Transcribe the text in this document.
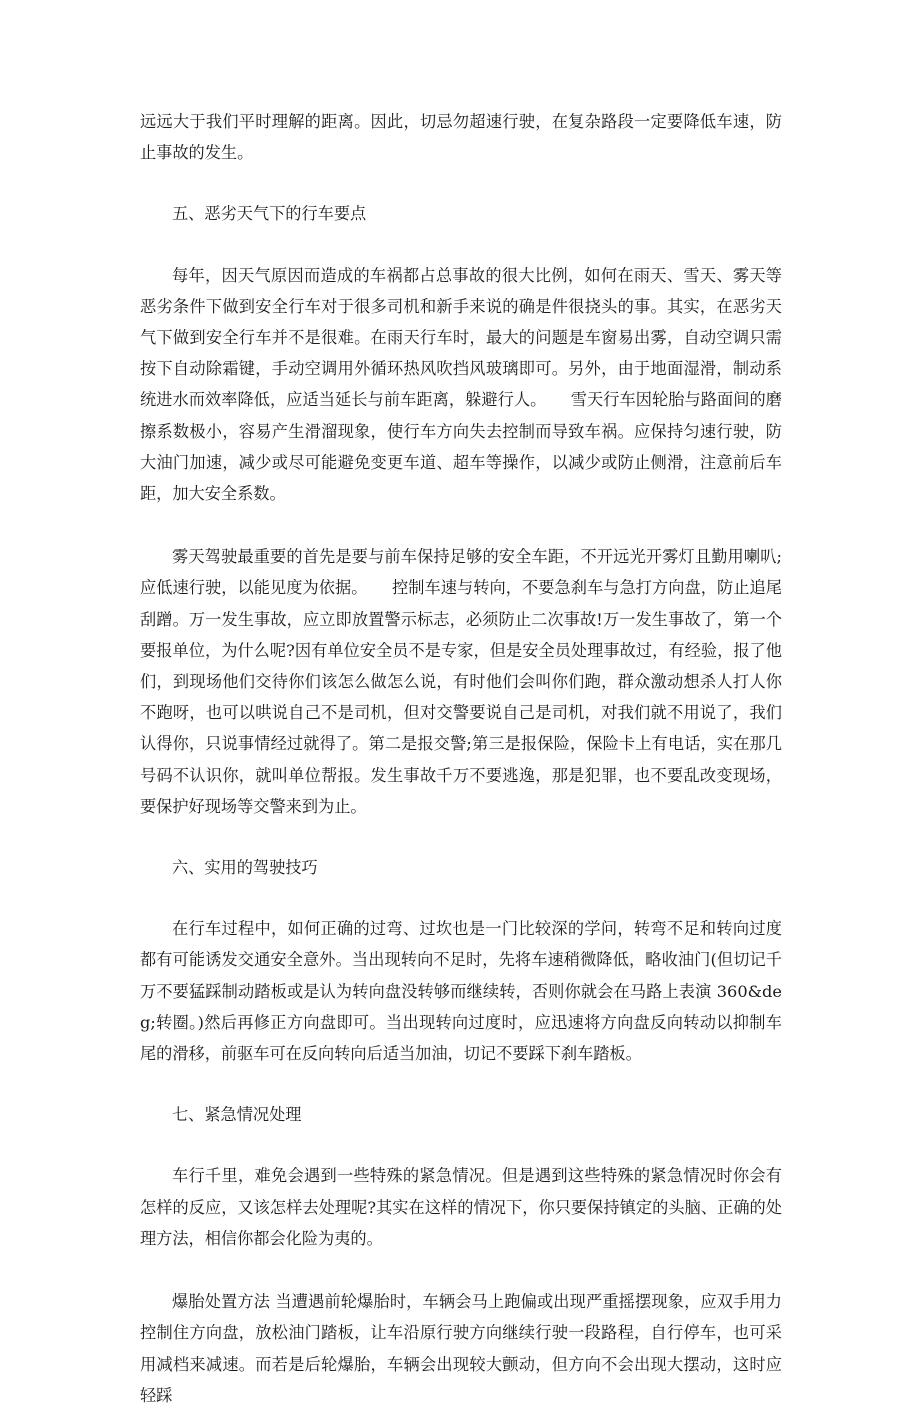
远远大于我们平时理解的距离。因此，切忌勿超速行驶，在复杂路段一定要降低车速，防止事故的发生。

五、恶劣天气下的行车要点

每年，因天气原因而造成的车祸都占总事故的很大比例，如何在雨天、雪天、雾天等恶劣条件下做到安全行车对于很多司机和新手来说的确是件很挠头的事。其实，在恶劣天气下做到安全行车并不是很难。在雨天行车时，最大的问题是车窗易出雾，自动空调只需按下自动除霜键，手动空调用外循环热风吹挡风玻璃即可。另外，由于地面湿滑，制动系统进水而效率降低，应适当延长与前车距离，躲避行人。　　雪天行车因轮胎与路面间的磨擦系数极小，容易产生滑溜现象，使行车方向失去控制而导致车祸。应保持匀速行驶，防大油门加速，减少或尽可能避免变更车道、超车等操作，以减少或防止侧滑，注意前后车距，加大安全系数。

雾天驾驶最重要的首先是要与前车保持足够的安全车距，不开远光开雾灯且勤用喇叭;应低速行驶，以能见度为依据。　　控制车速与转向，不要急刹车与急打方向盘，防止追尾刮蹭。万一发生事故，应立即放置警示标志，必须防止二次事故!万一发生事故了，第一个要报单位，为什么呢?因有单位安全员不是专家，但是安全员处理事故过，有经验，报了他们，到现场他们交待你们该怎么做怎么说，有时他们会叫你们跑，群众激动想杀人打人你不跑呀，也可以哄说自己不是司机，但对交警要说自己是司机，对我们就不用说了，我们认得你，只说事情经过就得了。第二是报交警;第三是报保险，保险卡上有电话，实在那几号码不认识你，就叫单位帮报。发生事故千万不要逃逸，那是犯罪，也不要乱改变现场，要保护好现场等交警来到为止。

六、实用的驾驶技巧

在行车过程中，如何正确的过弯、过坎也是一门比较深的学问，转弯不足和转向过度都有可能诱发交通安全意外。当出现转向不足时，先将车速稍微降低，略收油门(但切记千万不要猛踩制动踏板或是认为转向盘没转够而继续转，否则你就会在马路上表演 360&deg;转圈。)然后再修正方向盘即可。当出现转向过度时，应迅速将方向盘反向转动以抑制车尾的滑移，前驱车可在反向转向后适当加油，切记不要踩下刹车踏板。

七、紧急情况处理

车行千里，难免会遇到一些特殊的紧急情况。但是遇到这些特殊的紧急情况时你会有怎样的反应，又该怎样去处理呢?其实在这样的情况下，你只要保持镇定的头脑、正确的处理方法，相信你都会化险为夷的。

爆胎处置方法 当遭遇前轮爆胎时，车辆会马上跑偏或出现严重摇摆现象，应双手用力控制住方向盘，放松油门踏板，让车沿原行驶方向继续行驶一段路程，自行停车，也可采用减档来减速。而若是后轮爆胎，车辆会出现较大颤动，但方向不会出现大摆动，这时应轻踩
